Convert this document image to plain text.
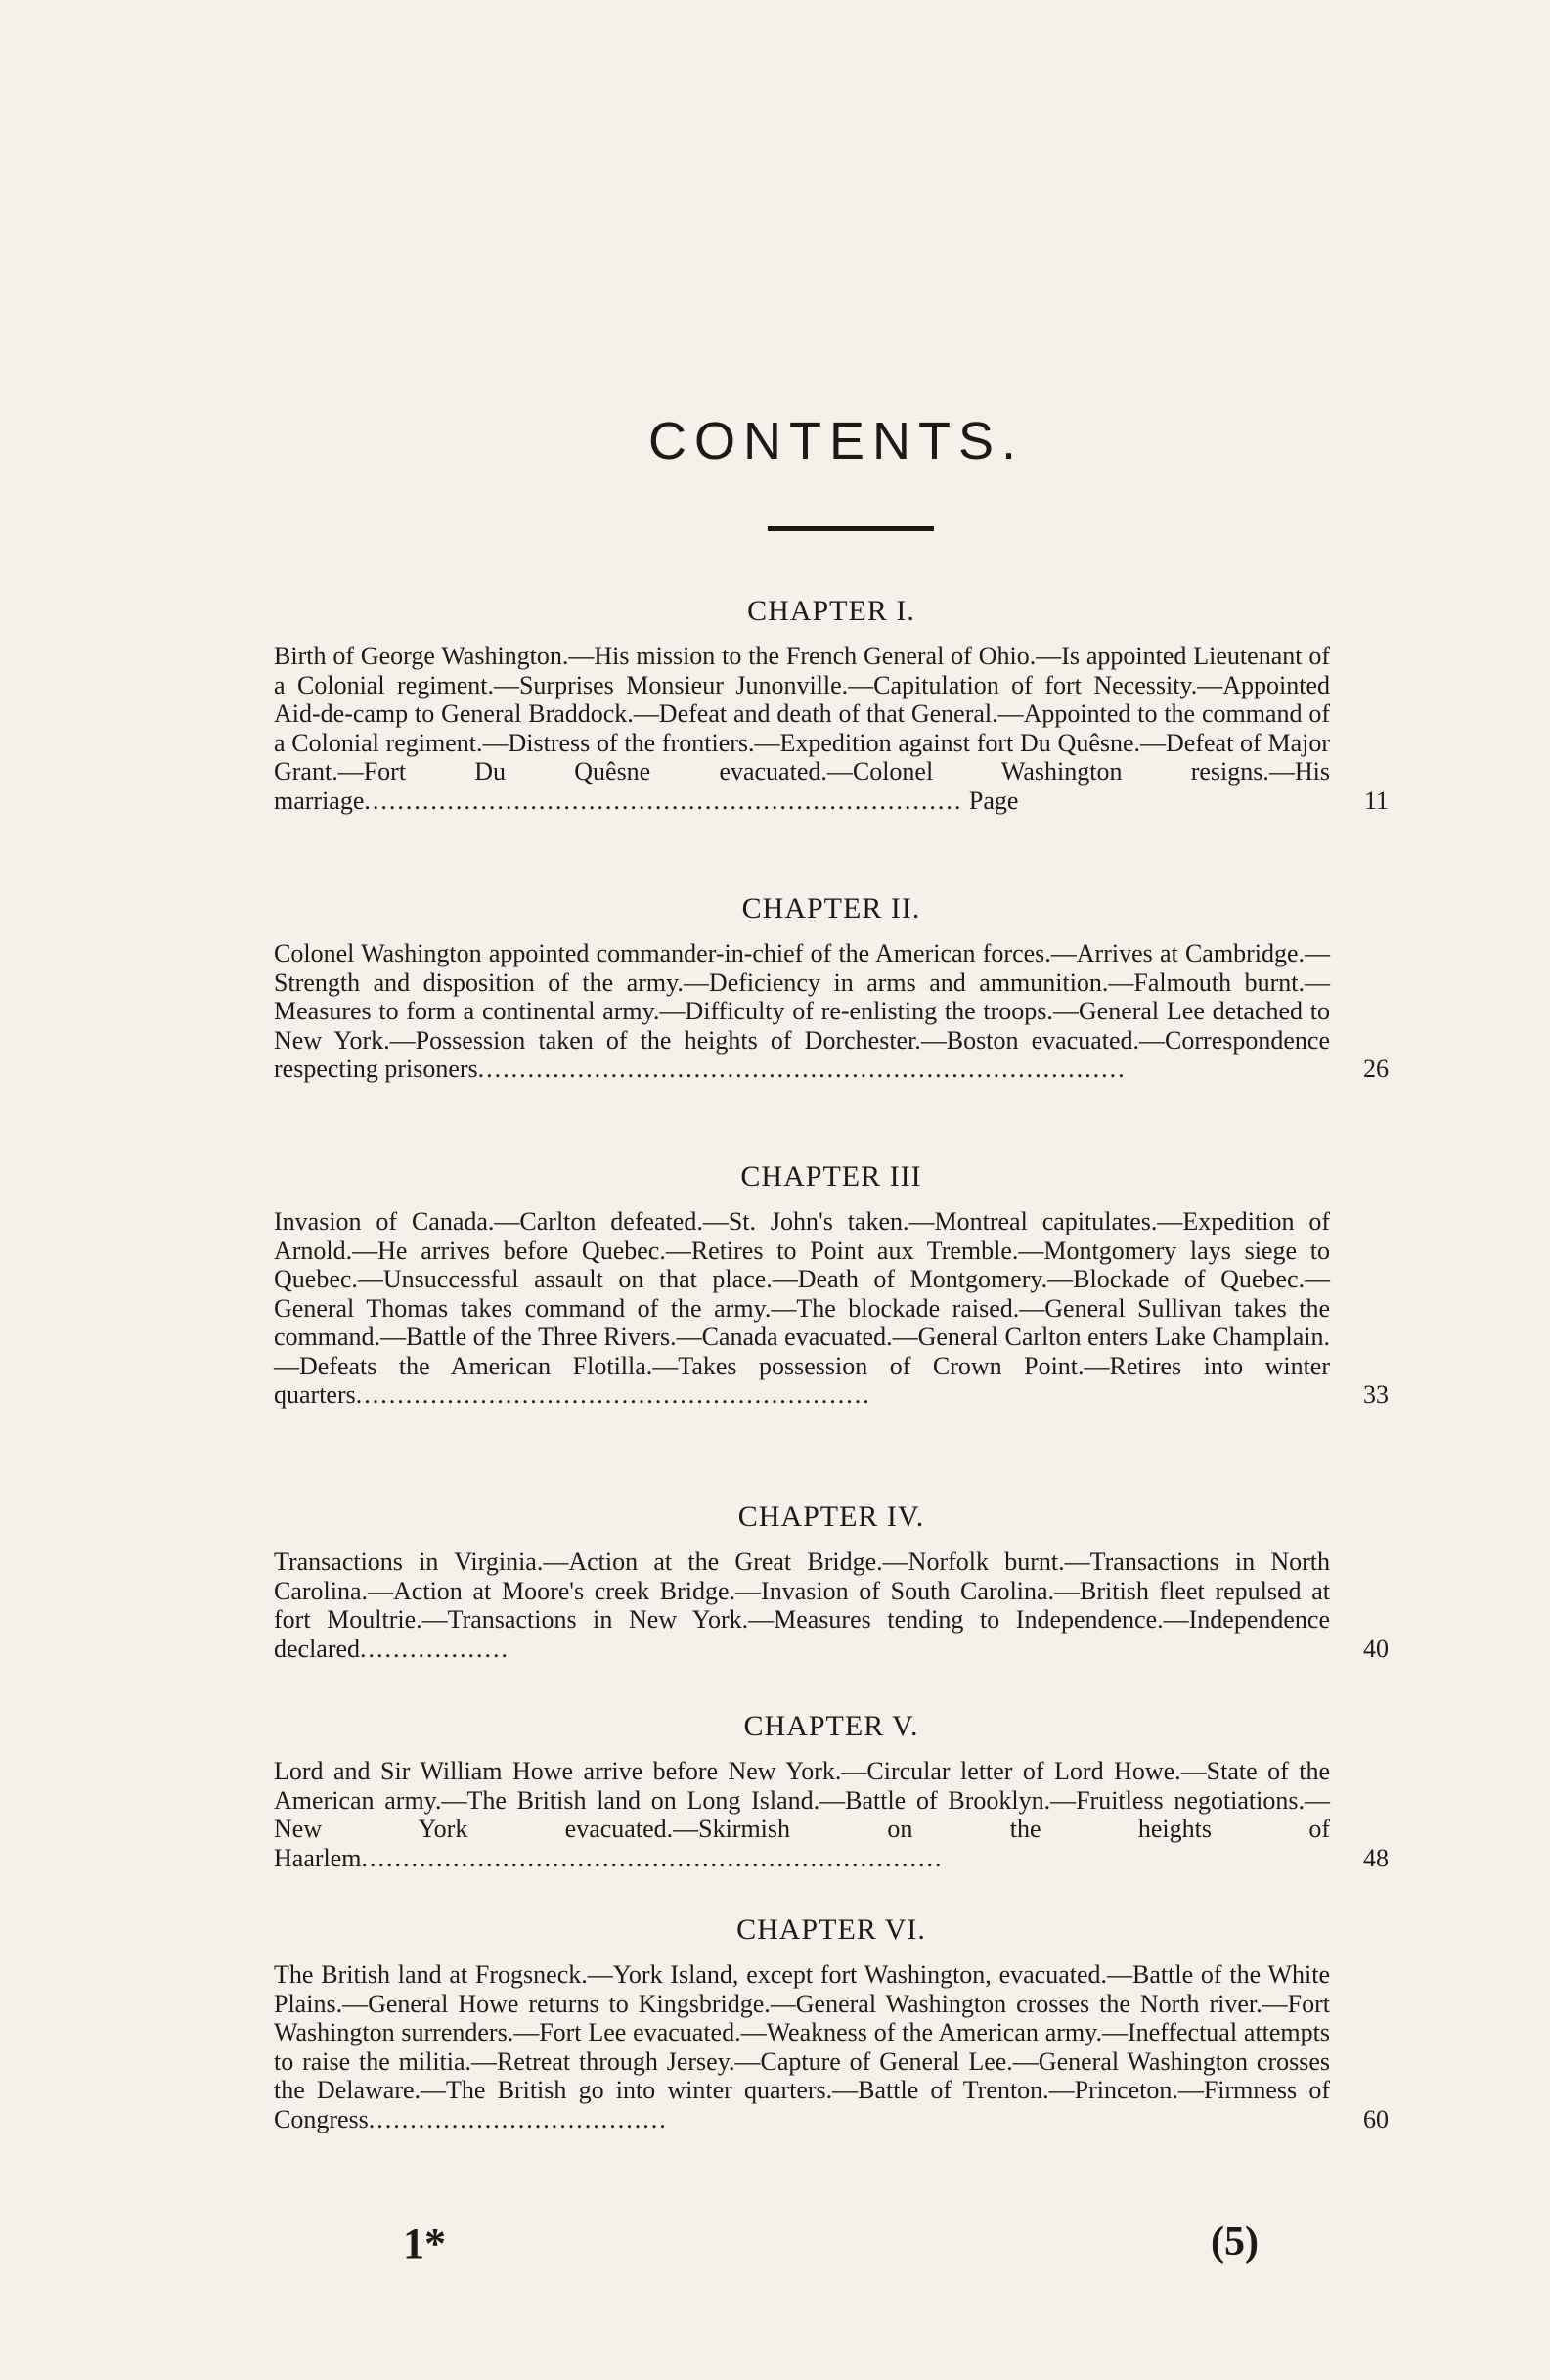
CONTENTS.
CHAPTER I.

Birth of George Washington.—His mission to the French General of Ohio.—Is appointed Lieutenant of a Colonial regiment.—Surprises Monsieur Junonville.—Capitulation of fort Necessity.—Appointed Aid-de-camp to General Braddock.—Defeat and death of that General.—Appointed to the command of a Colonial regiment.—Distress of the frontiers.—Expedition against fort Du Quêsne.—Defeat of Major Grant.—Fort Du Quêsne evacuated.—Colonel Washington resigns.—His marriage........................................................................ Page	11

CHAPTER II.

Colonel Washington appointed commander-in-chief of the American forces.—Arrives at Cambridge.—Strength and disposition of the army.—Deficiency in arms and ammunition.—Falmouth burnt.—Measures to form a continental army.—Difficulty of re-enlisting the troops.—General Lee detached to New York.—Possession taken of the heights of Dorchester.—Boston evacuated.—Correspondence respecting prisoners..............................................................................	26

CHAPTER III

Invasion of Canada.—Carlton defeated.—St. John's taken.—Montreal capitulates.—Expedition of Arnold.—He arrives before Quebec.—Retires to Point aux Tremble.—Montgomery lays siege to Quebec.—Unsuccessful assault on that place.—Death of Montgomery.—Blockade of Quebec.—General Thomas takes command of the army.—The blockade raised.—General Sullivan takes the command.—Battle of the Three Rivers.—Canada evacuated.—General Carlton enters Lake Champlain.—Defeats the American Flotilla.—Takes possession of Crown Point.—Retires into winter quarters..............................................................	33

CHAPTER IV.

Transactions in Virginia.—Action at the Great Bridge.—Norfolk burnt.—Transactions in North Carolina.—Action at Moore's creek Bridge.—Invasion of South Carolina.—British fleet repulsed at fort Moultrie.—Transactions in New York.—Measures tending to Independence.—Independence declared..................	40

CHAPTER V.

Lord and Sir William Howe arrive before New York.—Circular letter of Lord Howe.—State of the American army.—The British land on Long Island.—Battle of Brooklyn.—Fruitless negotiations.—New York evacuated.—Skirmish on the heights of Haarlem......................................................................	48

CHAPTER VI.

The British land at Frogsneck.—York Island, except fort Washington, evacuated.—Battle of the White Plains.—General Howe returns to Kingsbridge.—General Washington crosses the North river.—Fort Washington surrenders.—Fort Lee evacuated.—Weakness of the American army.—Ineffectual attempts to raise the militia.—Retreat through Jersey.—Capture of General Lee.—General Washington crosses the Delaware.—The British go into winter quarters.—Battle of Trenton.—Princeton.—Firmness of Congress....................................	60

1*	(5)
